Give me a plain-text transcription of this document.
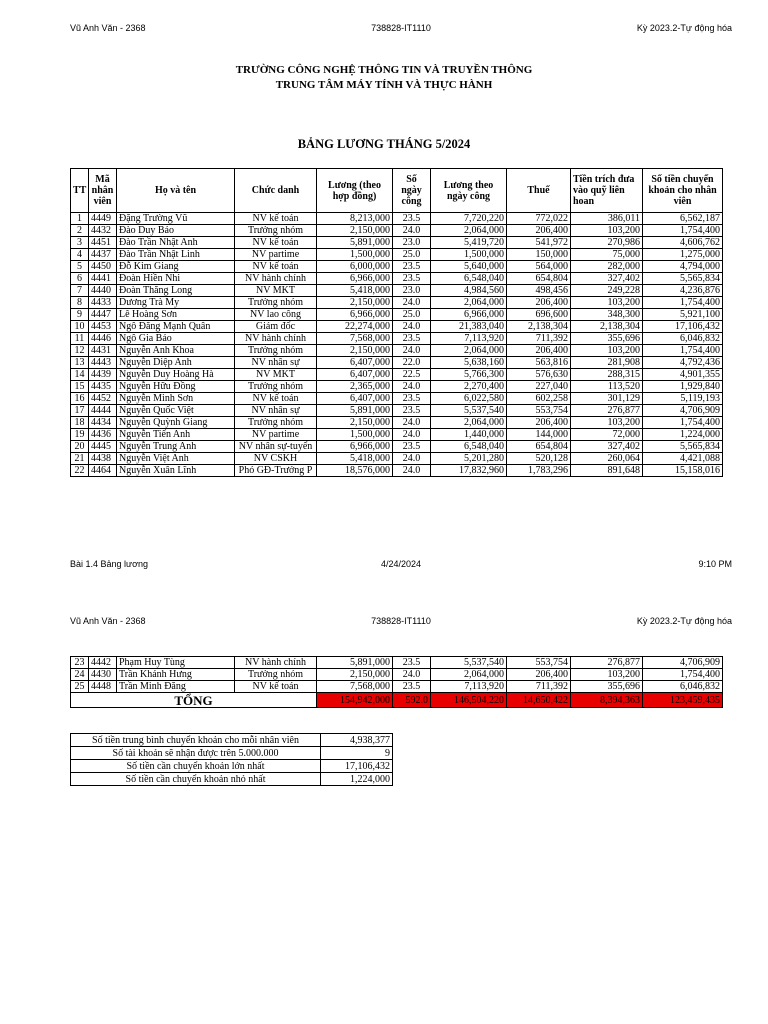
Vũ Anh Văn - 2368	738828-IT1110	Kỳ 2023.2-Tự động hóa
TRƯỜNG CÔNG NGHỆ THÔNG TIN VÀ TRUYỀN THÔNG
TRUNG TÂM MÁY TÍNH VÀ THỰC HÀNH
BẢNG LƯƠNG THÁNG 5/2024
TT	Mã nhân viên	Họ và tên	Chức danh	Lương (theo hợp đồng)	Số ngày công	Lương theo ngày công	Thuế	Tiền trích đưa vào quỹ liên hoan	Số tiền chuyển khoản cho nhân viên
1	4449	Đặng Trường Vũ	NV kế toán	8,213,000	23.5	7,720,220	772,022	386,011	6,562,187
2	4432	Đào Duy Bảo	Trưởng nhóm	2,150,000	24.0	2,064,000	206,400	103,200	1,754,400
3	4451	Đào Trần Nhật Anh	NV kế toán	5,891,000	23.0	5,419,720	541,972	270,986	4,606,762
4	4437	Đào Trần Nhật Linh	NV partime	1,500,000	25.0	1,500,000	150,000	75,000	1,275,000
5	4450	Đỗ Kim Giang	NV kế toán	6,000,000	23.5	5,640,000	564,000	282,000	4,794,000
6	4441	Đoàn Hiền Nhi	NV hành chính	6,966,000	23.5	6,548,040	654,804	327,402	5,565,834
7	4440	Đoàn Thăng Long	NV MKT	5,418,000	23.0	4,984,560	498,456	249,228	4,236,876
8	4433	Dương Trà My	Trưởng nhóm	2,150,000	24.0	2,064,000	206,400	103,200	1,754,400
9	4447	Lê Hoàng Sơn	NV lao công	6,966,000	25.0	6,966,000	696,600	348,300	5,921,100
10	4453	Ngô Đăng Mạnh Quân	Giám đốc	22,274,000	24.0	21,383,040	2,138,304	2,138,304	17,106,432
11	4446	Ngô Gia Bảo	NV hành chính	7,568,000	23.5	7,113,920	711,392	355,696	6,046,832
12	4431	Nguyễn Anh Khoa	Trưởng nhóm	2,150,000	24.0	2,064,000	206,400	103,200	1,754,400
13	4443	Nguyễn Diệp Anh	NV nhân sự	6,407,000	22.0	5,638,160	563,816	281,908	4,792,436
14	4439	Nguyễn Duy Hoàng Hà	NV MKT	6,407,000	22.5	5,766,300	576,630	288,315	4,901,355
15	4435	Nguyễn Hữu Đồng	Trưởng nhóm	2,365,000	24.0	2,270,400	227,040	113,520	1,929,840
16	4452	Nguyễn Minh Sơn	NV kế toán	6,407,000	23.5	6,022,580	602,258	301,129	5,119,193
17	4444	Nguyễn Quốc Việt	NV nhân sự	5,891,000	23.5	5,537,540	553,754	276,877	4,706,909
18	4434	Nguyễn Quỳnh Giang	Trưởng nhóm	2,150,000	24.0	2,064,000	206,400	103,200	1,754,400
19	4436	Nguyễn Tiến Anh	NV partime	1,500,000	24.0	1,440,000	144,000	72,000	1,224,000
20	4445	Nguyễn Trung Anh	NV nhân sự-tuyển	6,966,000	23.5	6,548,040	654,804	327,402	5,565,834
21	4438	Nguyễn Việt Anh	NV CSKH	5,418,000	24.0	5,201,280	520,128	260,064	4,421,088
22	4464	Nguyễn Xuân Lĩnh	Phó GĐ-Trưởng P	18,576,000	24.0	17,832,960	1,783,296	891,648	15,158,016
Bài 1.4 Bảng lương	4/24/2024	9:10 PM
Vũ Anh Văn - 2368	738828-IT1110	Kỳ 2023.2-Tự động hóa
23	4442	Phạm Huy Tùng	NV hành chính	5,891,000	23.5	5,537,540	553,754	276,877	4,706,909
24	4430	Trần Khánh Hưng	Trưởng nhóm	2,150,000	24.0	2,064,000	206,400	103,200	1,754,400
25	4448	Trần Minh Đăng	NV kế toán	7,568,000	23.5	7,113,920	711,392	355,696	6,046,832
TỔNG				154,942,000	592.0	146,504,220	14,650,422	8,394,363	123,459,435
Số tiền trung bình chuyển khoản cho mỗi nhân viên	4,938,377
Số tài khoản sẽ nhận được trên 5.000.000	9
Số tiền cần chuyển khoản lớn nhất	17,106,432
Số tiền cần chuyển khoản nhỏ nhất	1,224,000
